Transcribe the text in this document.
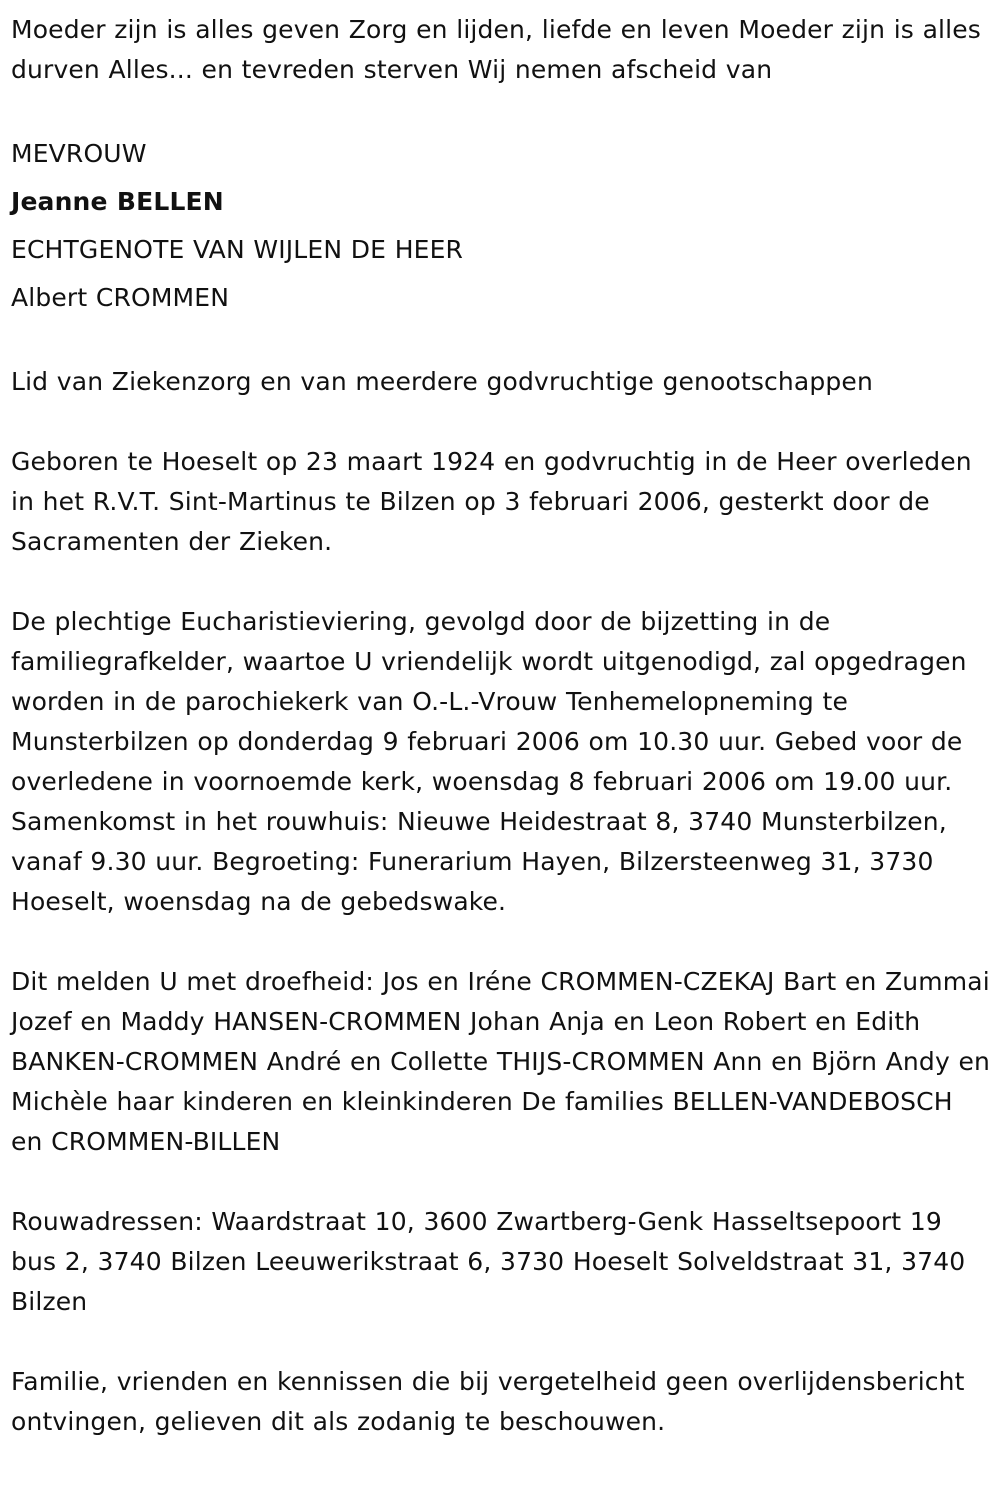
Moeder zijn is alles geven Zorg en lijden, liefde en leven Moeder zijn is alles durven Alles... en tevreden sterven Wij nemen afscheid van

MEVROUW

Jeanne BELLEN

ECHTGENOTE VAN WIJLEN DE HEER

Albert CROMMEN

Lid van Ziekenzorg en van meerdere godvruchtige genootschappen

Geboren te Hoeselt op 23 maart 1924 en godvruchtig in de Heer overleden in het R.V.T. Sint-Martinus te Bilzen op 3 februari 2006, gesterkt door de Sacramenten der Zieken.

De plechtige Eucharistieviering, gevolgd door de bijzetting in de familiegrafkelder, waartoe U vriendelijk wordt uitgenodigd, zal opgedragen worden in de parochiekerk van O.-L.-Vrouw Tenhemelopneming te Munsterbilzen op donderdag 9 februari 2006 om 10.30 uur. Gebed voor de overledene in voornoemde kerk, woensdag 8 februari 2006 om 19.00 uur. Samenkomst in het rouwhuis: Nieuwe Heidestraat 8, 3740 Munsterbilzen, vanaf 9.30 uur. Begroeting: Funerarium Hayen, Bilzersteenweg 31, 3730 Hoeselt, woensdag na de gebedswake.

Dit melden U met droefheid: Jos en Iréne CROMMEN-CZEKAJ Bart en Zummai Jozef en Maddy HANSEN-CROMMEN Johan Anja en Leon Robert en Edith BANKEN-CROMMEN André en Collette THIJS-CROMMEN Ann en Björn Andy en Michèle haar kinderen en kleinkinderen De families BELLEN-VANDEBOSCH en CROMMEN-BILLEN

Rouwadressen: Waardstraat 10, 3600 Zwartberg-Genk Hasseltsepoort 19 bus 2, 3740 Bilzen Leeuwerikstraat 6, 3730 Hoeselt Solveldstraat 31, 3740 Bilzen

Familie, vrienden en kennissen die bij vergetelheid geen overlijdensbericht ontvingen, gelieven dit als zodanig te beschouwen.
